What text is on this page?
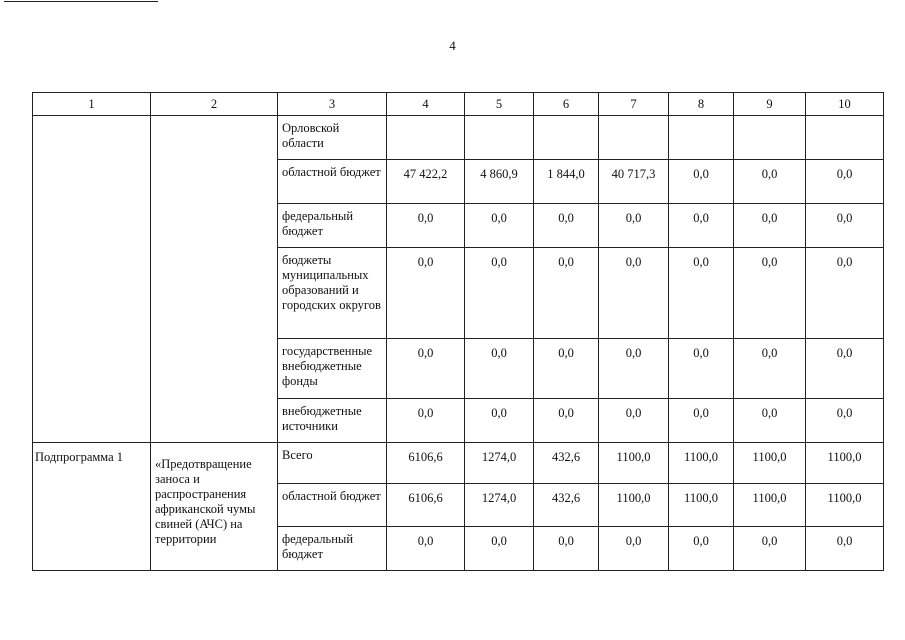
4
1	2	3	4	5	6	7	8	9	10
		Орловской области							
		областной бюджет	47 422,2	4 860,9	1 844,0	40 717,3	0,0	0,0	0,0
		федеральный бюджет	0,0	0,0	0,0	0,0	0,0	0,0	0,0
		бюджеты муниципальных образований и городских округов	0,0	0,0	0,0	0,0	0,0	0,0	0,0
		государственные внебюджетные фонды	0,0	0,0	0,0	0,0	0,0	0,0	0,0
		внебюджетные источники	0,0	0,0	0,0	0,0	0,0	0,0	0,0
Подпрограмма 1	«Предотвращение заноса и распространения африканской чумы свиней (АЧС) на территории	Всего	6106,6	1274,0	432,6	1100,0	1100,0	1100,0	1100,0
		областной бюджет	6106,6	1274,0	432,6	1100,0	1100,0	1100,0	1100,0
		федеральный бюджет	0,0	0,0	0,0	0,0	0,0	0,0	0,0
